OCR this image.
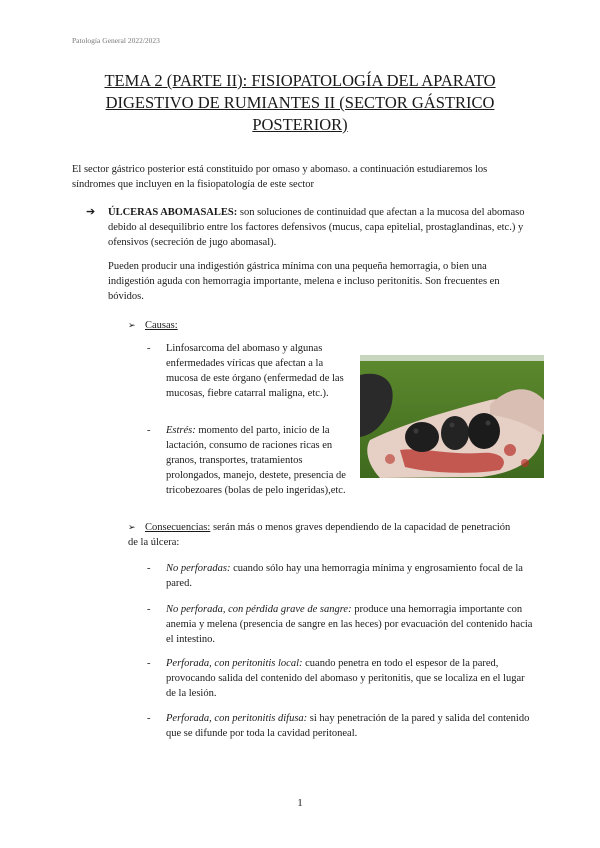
Patología General 2022/2023
TEMA 2 (PARTE II): FISIOPATOLOGÍA DEL APARATO
DIGESTIVO DE RUMIANTES II (SECTOR GÁSTRICO
POSTERIOR)

El sector gástrico posterior está constituido por omaso y abomaso. a continuación estudiaremos los síndromes que incluyen en la fisiopatología de este sector

➔ ÚLCERAS ABOMASALES: son soluciones de continuidad que afectan a la mucosa del abomaso debido al desequilibrio entre los factores defensivos (mucus, capa epitelial, prostaglandinas, etc.) y ofensivos (secreción de jugo abomasal).

Pueden producir una indigestión gástrica mínima con una pequeña hemorragia, o bien una indigestión aguda con hemorragia importante, melena e incluso peritonitis. Son frecuentes en bóvidos.

➢ Causas:
- Linfosarcoma del abomaso y algunas enfermedades víricas que afectan a la mucosa de este órgano (enfermedad de las mucosas, fiebre catarral maligna, etc.).
- Estrés: momento del parto, inicio de la lactación, consumo de raciones ricas en granos, transportes, tratamientos prolongados, manejo, destete, presencia de tricobezoares (bolas de pelo ingeridas),etc.
➢ Consecuencias: serán más o menos graves dependiendo de la capacidad de penetración de la úlcera:
- No perforadas: cuando sólo hay una hemorragia mínima y engrosamiento focal de la pared.
- No perforada, con pérdida grave de sangre: produce una hemorragia importante con anemia y melena (presencia de sangre en las heces) por evacuación del contenido hacia el intestino.
- Perforada, con peritonitis local: cuando penetra en todo el espesor de la pared, provocando salida del contenido del abomaso y peritonitis, que se localiza en el lugar de la lesión.
- Perforada, con peritonitis difusa: si hay penetración de la pared y salida del contenido que se difunde por toda la cavidad peritoneal.
1
